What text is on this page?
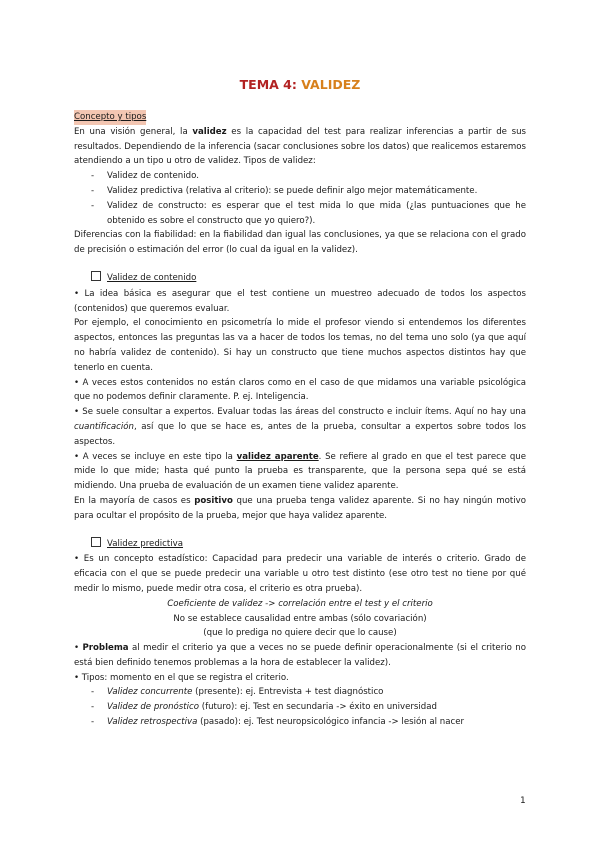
TEMA 4: VALIDEZ
Concepto y tipos

En una visión general, la validez es la capacidad del test para realizar inferencias a partir de sus resultados. Dependiendo de la inferencia (sacar conclusiones sobre los datos) que realicemos estaremos atendiendo a un tipo u otro de validez. Tipos de validez:

- Validez de contenido.
- Validez predictiva (relativa al criterio): se puede definir algo mejor matemáticamente.
- Validez de constructo: es esperar que el test mida lo que mida (¿las puntuaciones que he obtenido es sobre el constructo que yo quiero?).

Diferencias con la fiabilidad: en la fiabilidad dan igual las conclusiones, ya que se relaciona con el grado de precisión o estimación del error (lo cual da igual en la validez).

Validez de contenido

• La idea básica es asegurar que el test contiene un muestreo adecuado de todos los aspectos (contenidos) que queremos evaluar.

Por ejemplo, el conocimiento en psicometría lo mide el profesor viendo si entendemos los diferentes aspectos, entonces las preguntas las va a hacer de todos los temas, no del tema uno solo (ya que aquí no habría validez de contenido). Si hay un constructo que tiene muchos aspectos distintos hay que tenerlo en cuenta.

• A veces estos contenidos no están claros como en el caso de que midamos una variable psicológica que no podemos definir claramente. P. ej. Inteligencia.

• Se suele consultar a expertos. Evaluar todas las áreas del constructo e incluir ítems. Aquí no hay una cuantificación, así que lo que se hace es, antes de la prueba, consultar a expertos sobre todos los aspectos.

• A veces se incluye en este tipo la validez aparente. Se refiere al grado en que el test parece que mide lo que mide; hasta qué punto la prueba es transparente, que la persona sepa qué se está midiendo. Una prueba de evaluación de un examen tiene validez aparente.

En la mayoría de casos es positivo que una prueba tenga validez aparente. Si no hay ningún motivo para ocultar el propósito de la prueba, mejor que haya validez aparente.

Validez predictiva

• Es un concepto estadístico: Capacidad para predecir una variable de interés o criterio. Grado de eficacia con el que se puede predecir una variable u otro test distinto (ese otro test no tiene por qué medir lo mismo, puede medir otra cosa, el criterio es otra prueba).

Coeficiente de validez -> correlación entre el test y el criterio

No se establece causalidad entre ambas (sólo covariación)

(que lo prediga no quiere decir que lo cause)

• Problema al medir el criterio ya que a veces no se puede definir operacionalmente (si el criterio no está bien definido tenemos problemas a la hora de establecer la validez).

• Tipos: momento en el que se registra el criterio.

- Validez concurrente (presente): ej. Entrevista + test diagnóstico
- Validez de pronóstico (futuro): ej. Test en secundaria -> éxito en universidad
- Validez retrospectiva (pasado): ej. Test neuropsicológico infancia -> lesión al nacer
1
